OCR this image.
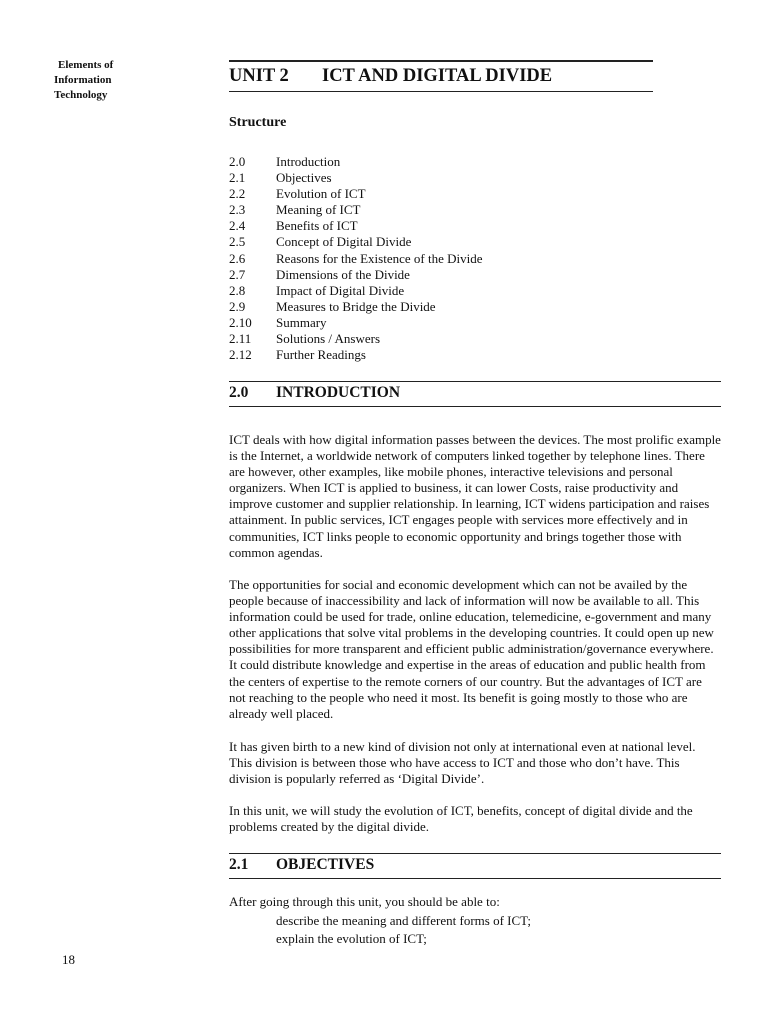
Elements of
Information
Technology
18
UNIT 2 ICT AND DIGITAL DIVIDE
Structure
2.0 Introduction
2.1 Objectives
2.2 Evolution of ICT
2.3 Meaning of ICT
2.4 Benefits of ICT
2.5 Concept of Digital Divide
2.6 Reasons for the Existence of the Divide
2.7 Dimensions of the Divide
2.8 Impact of Digital Divide
2.9 Measures to Bridge the Divide
2.10 Summary
2.11 Solutions / Answers
2.12 Further Readings
2.0 INTRODUCTION

ICT deals with how digital information passes between the devices. The most prolific example is the Internet, a worldwide network of computers linked together by telephone lines. There are however, other examples, like mobile phones, interactive televisions and personal organizers. When ICT is applied to business, it can lower Costs, raise productivity and improve customer and supplier relationship. In learning, ICT widens participation and raises attainment. In public services, ICT engages people with services more effectively and in communities, ICT links people to economic opportunity and brings together those with common agendas.

The opportunities for social and economic development which can not be availed by the people because of inaccessibility and lack of information will now be available to all. This information could be used for trade, online education, telemedicine, e-government and many other applications that solve vital problems in the developing countries. It could open up new possibilities for more transparent and efficient public administration/governance everywhere. It could distribute knowledge and expertise in the areas of education and public health from the centers of expertise to the remote corners of our country. But the advantages of ICT are not reaching to the people who need it most. Its benefit is going mostly to those who are already well placed.

It has given birth to a new kind of division not only at international even at national level. This division is between those who have access to ICT and those who don’t have. This division is popularly referred as ‘Digital Divide’.

In this unit, we will study the evolution of ICT, benefits, concept of digital divide and the problems created by the digital divide.

2.1 OBJECTIVES
After going through this unit, you should be able to:
describe the meaning and different forms of ICT;
explain the evolution of ICT;
